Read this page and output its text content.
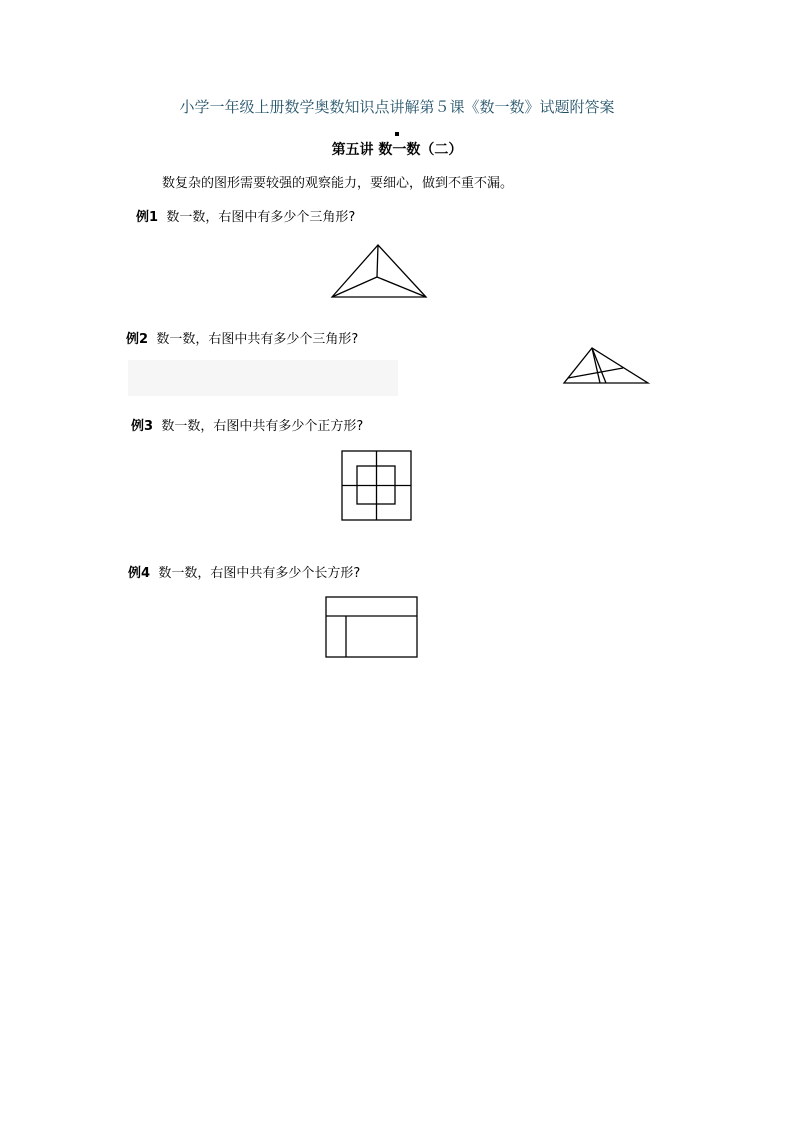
小学一年级上册数学奥数知识点讲解第５课《数一数》试题附答案
第五讲 数一数（二）
数复杂的图形需要较强的观察能力，要细心，做到不重不漏。
例1 数一数，右图中有多少个三角形?
例2 数一数，右图中共有多少个三角形?
例3 数一数，右图中共有多少个正方形?
例4 数一数，右图中共有多少个长方形?
